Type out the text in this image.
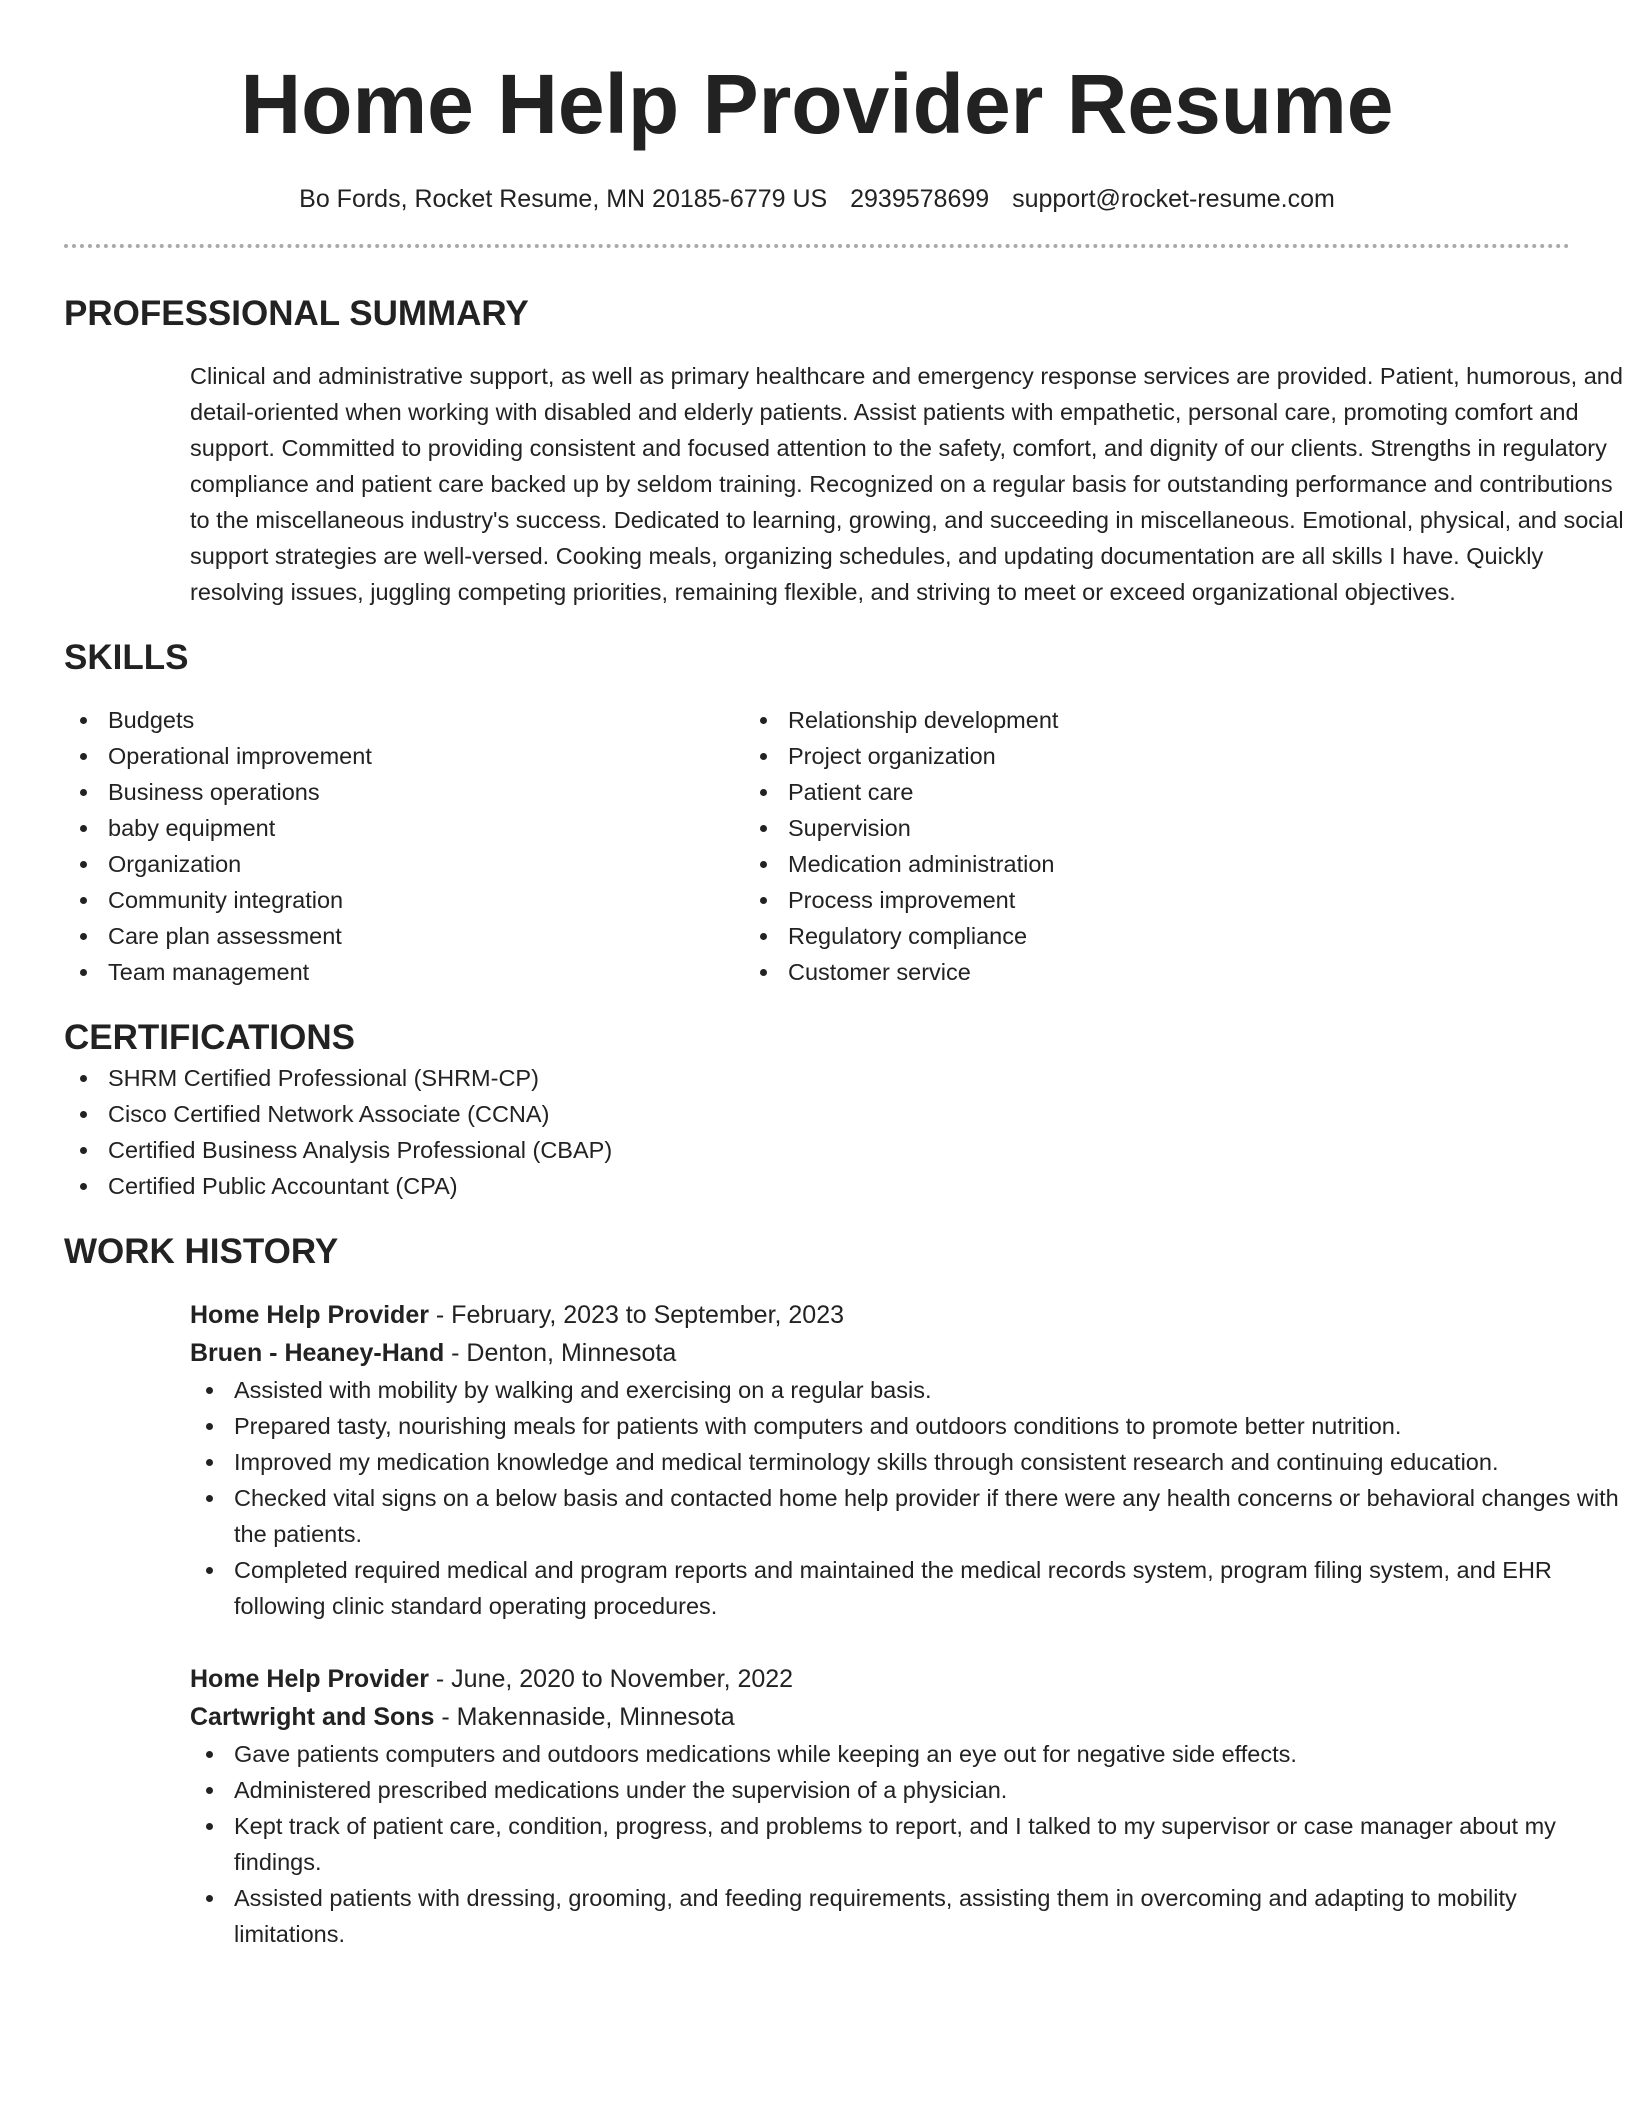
Home Help Provider Resume
Bo Fords, Rocket Resume, MN 20185-6779 US 2939578699 support@rocket-resume.com
PROFESSIONAL SUMMARY

Clinical and administrative support, as well as primary healthcare and emergency response services are provided. Patient, humorous, and detail-oriented when working with disabled and elderly patients. Assist patients with empathetic, personal care, promoting comfort and support. Committed to providing consistent and focused attention to the safety, comfort, and dignity of our clients. Strengths in regulatory compliance and patient care backed up by seldom training. Recognized on a regular basis for outstanding performance and contributions to the miscellaneous industry's success. Dedicated to learning, growing, and succeeding in miscellaneous. Emotional, physical, and social support strategies are well-versed. Cooking meals, organizing schedules, and updating documentation are all skills I have. Quickly resolving issues, juggling competing priorities, remaining flexible, and striving to meet or exceed organizational objectives.

SKILLS
Budgets
Operational improvement
Business operations
baby equipment
Organization
Community integration
Care plan assessment
Team management
Relationship development
Project organization
Patient care
Supervision
Medication administration
Process improvement
Regulatory compliance
Customer service
CERTIFICATIONS
SHRM Certified Professional (SHRM-CP)
Cisco Certified Network Associate (CCNA)
Certified Business Analysis Professional (CBAP)
Certified Public Accountant (CPA)
WORK HISTORY
Home Help Provider - February, 2023 to September, 2023
Bruen - Heaney-Hand - Denton, Minnesota
Assisted with mobility by walking and exercising on a regular basis.
Prepared tasty, nourishing meals for patients with computers and outdoors conditions to promote better nutrition.
Improved my medication knowledge and medical terminology skills through consistent research and continuing education.
Checked vital signs on a below basis and contacted home help provider if there were any health concerns or behavioral changes with the patients.
Completed required medical and program reports and maintained the medical records system, program filing system, and EHR following clinic standard operating procedures.
Home Help Provider - June, 2020 to November, 2022
Cartwright and Sons - Makennaside, Minnesota
Gave patients computers and outdoors medications while keeping an eye out for negative side effects.
Administered prescribed medications under the supervision of a physician.
Kept track of patient care, condition, progress, and problems to report, and I talked to my supervisor or case manager about my findings.
Assisted patients with dressing, grooming, and feeding requirements, assisting them in overcoming and adapting to mobility limitations.
